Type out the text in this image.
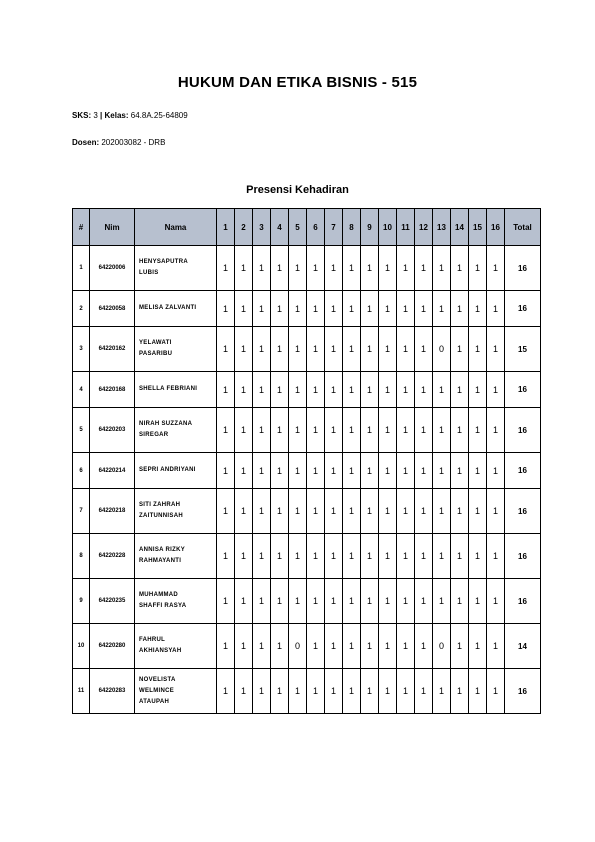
HUKUM DAN ETIKA BISNIS - 515
SKS: 3 | Kelas: 64.8A.25-64809
Dosen: 202003082 - DRB
Presensi Kehadiran
#	Nim	Nama	1	2	3	4	5	6	7	8	9	10	11	12	13	14	15	16	Total
1	64220006	HENYSAPUTRA
LUBIS	1	1	1	1	1	1	1	1	1	1	1	1	1	1	1	1	16
2	64220058	MELISA ZALVANTI	1	1	1	1	1	1	1	1	1	1	1	1	1	1	1	1	16
3	64220162	YELAWATI
PASARIBU	1	1	1	1	1	1	1	1	1	1	1	1	0	1	1	1	15
4	64220168	SHELLA FEBRIANI	1	1	1	1	1	1	1	1	1	1	1	1	1	1	1	1	16
5	64220203	NIRAH SUZZANA
SIREGAR	1	1	1	1	1	1	1	1	1	1	1	1	1	1	1	1	16
6	64220214	SEPRI ANDRIYANI	1	1	1	1	1	1	1	1	1	1	1	1	1	1	1	1	16
7	64220218	SITI ZAHRAH
ZAITUNNISAH	1	1	1	1	1	1	1	1	1	1	1	1	1	1	1	1	16
8	64220228	ANNISA RIZKY
RAHMAYANTI	1	1	1	1	1	1	1	1	1	1	1	1	1	1	1	1	16
9	64220235	MUHAMMAD
SHAFFI RASYA	1	1	1	1	1	1	1	1	1	1	1	1	1	1	1	1	16
10	64220280	FAHRUL
AKHIANSYAH	1	1	1	1	0	1	1	1	1	1	1	1	0	1	1	1	14
11	64220283	NOVELISTA
WELMINCE
ATAUPAH	1	1	1	1	1	1	1	1	1	1	1	1	1	1	1	1	16
